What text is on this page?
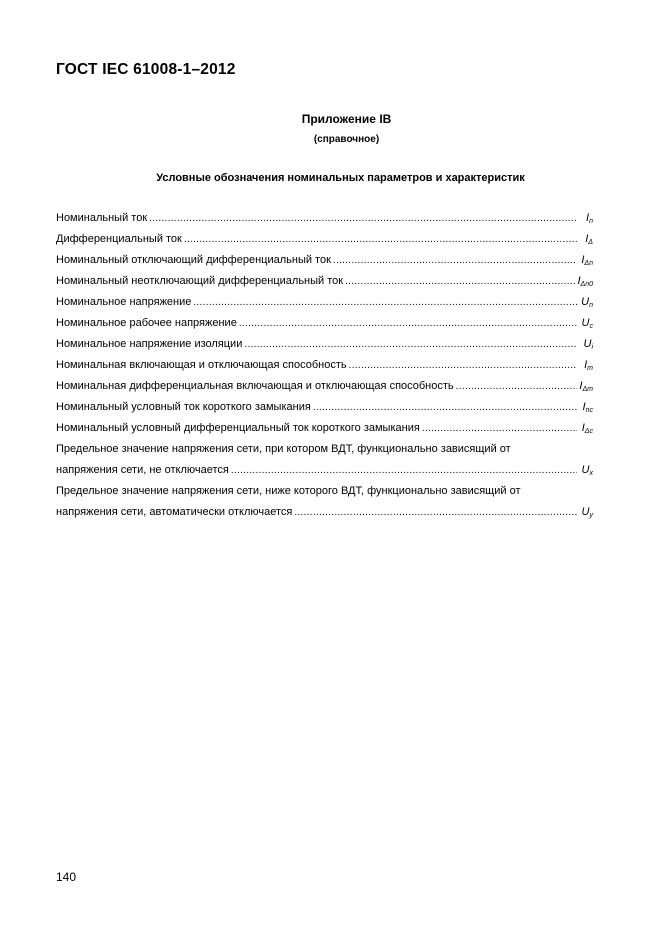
ГОСТ IEC 61008-1–2012
Приложение IB
(справочное)
Условные обозначения номинальных параметров и характеристик
Номинальный ток .....	$I_n$
Дифференциальный ток .....	$I_\Delta$
Номинальный отключающий дифференциальный ток .....	$I_{\Delta n}$
Номинальный неотключающий дифференциальный ток .....	$I_{\Delta n0}$
Номинальное напряжение .....	$U_n$
Номинальное рабочее напряжение .....	$U_c$
Номинальное напряжение изоляции .....	$U_i$
Номинальная включающая и отключающая способность .....	$I_m$
Номинальная дифференциальная включающая и отключающая способность .....	$I_{\Delta m}$
Номинальный условный ток короткого замыкания .....	$I_{nc}$
Номинальный условный дифференциальный ток короткого замыкания .....	$I_{\Delta c}$
Предельное значение напряжения сети, при котором ВДТ, функционально зависящий от
напряжения сети, не отключается .....	$U_x$
Предельное значение напряжения сети, ниже которого ВДТ, функционально зависящий от
напряжения сети, автоматически отключается .....	$U_y$
140
